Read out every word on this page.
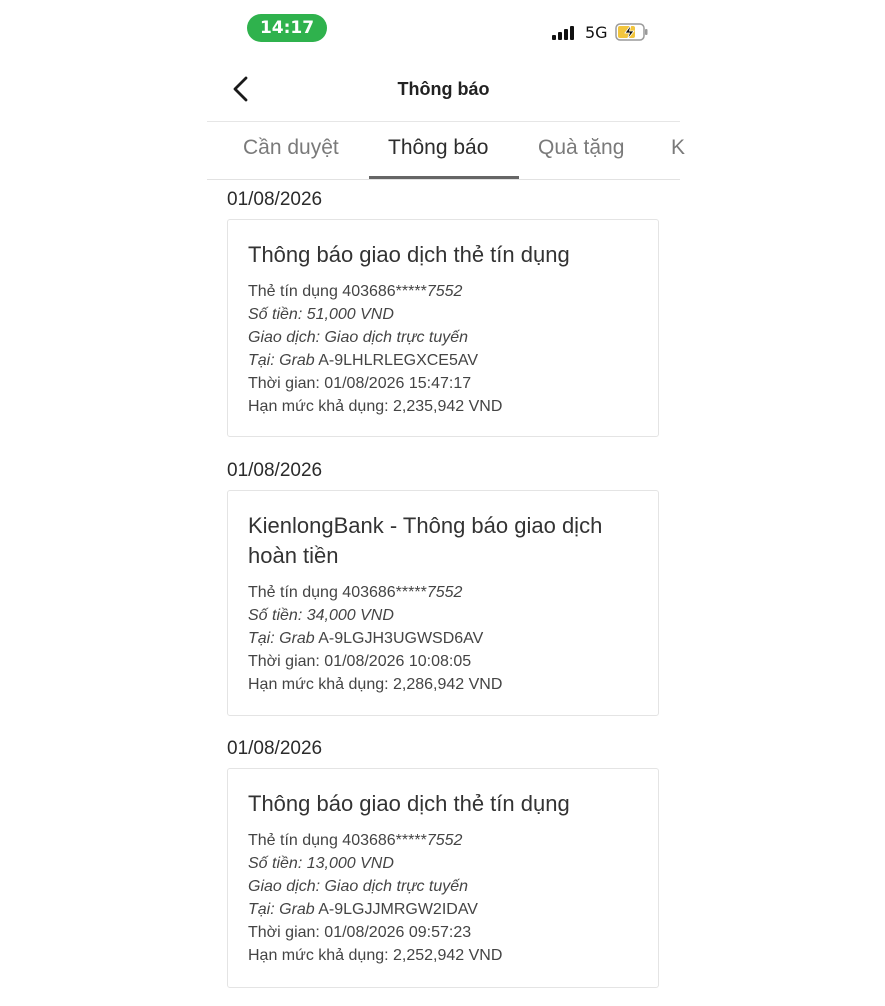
14:17	5G
Thông báo
Cần duyệt Thông báo Quà tặng K
01/08/2026
Thông báo giao dịch thẻ tín dụng
Thẻ tín dụng 403686*****7552
Số tiền: 51,000 VND
Giao dịch: Giao dịch trực tuyến
Tại: Grab A-9LHLRLEGXCE5AV
Thời gian: 01/08/2026 15:47:17
Hạn mức khả dụng: 2,235,942 VND
01/08/2026
KienlongBank - Thông báo giao dịch hoàn tiền
Thẻ tín dụng 403686*****7552
Số tiền: 34,000 VND
Tại: Grab A-9LGJH3UGWSD6AV
Thời gian: 01/08/2026 10:08:05
Hạn mức khả dụng: 2,286,942 VND
01/08/2026
Thông báo giao dịch thẻ tín dụng
Thẻ tín dụng 403686*****7552
Số tiền: 13,000 VND
Giao dịch: Giao dịch trực tuyến
Tại: Grab A-9LGJJMRGW2IDAV
Thời gian: 01/08/2026 09:57:23
Hạn mức khả dụng: 2,252,942 VND
